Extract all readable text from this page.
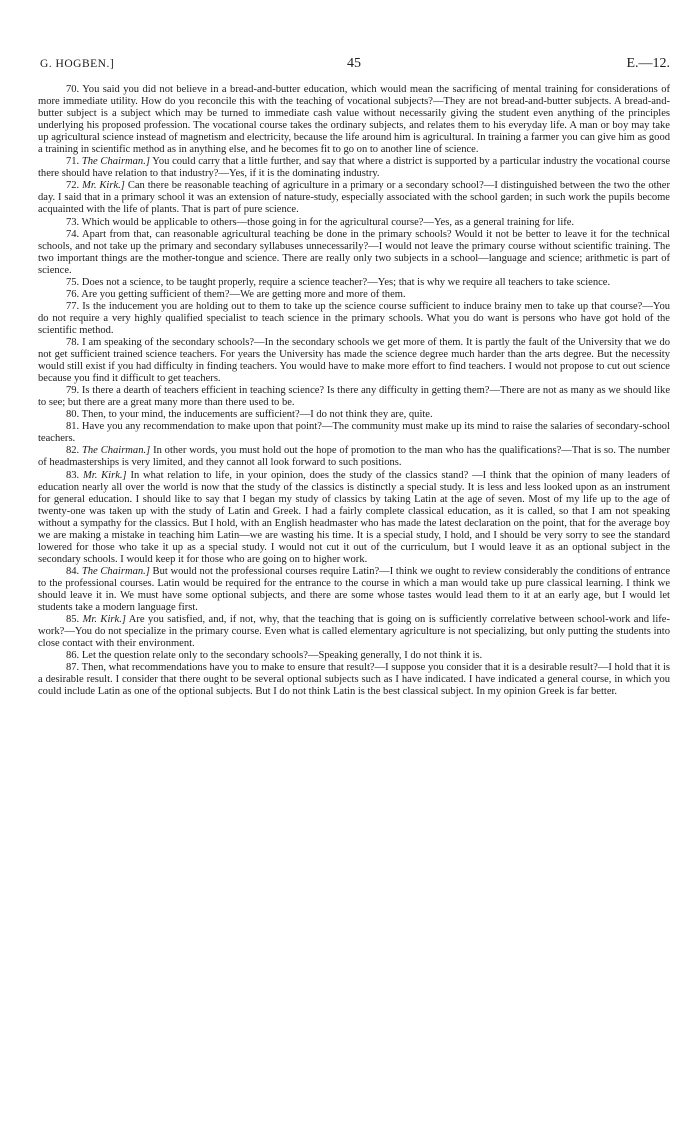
G. HOGBEN.]	45	E.—12.

70. You said you did not believe in a bread-and-butter education, which would mean the sacrificing of mental training for considerations of more immediate utility. How do you reconcile this with the teaching of vocational subjects?—They are not bread-and-butter subjects. A bread-and-butter subject is a subject which may be turned to immediate cash value without necessarily giving the student even anything of the principles underlying his proposed profession. The vocational course takes the ordinary subjects, and relates them to his everyday life. A man or boy may take up agricultural science instead of magnetism and electricity, because the life around him is agricultural. In training a farmer you can give him as good a training in scientific method as in anything else, and he becomes fit to go on to another line of science.

71. The Chairman.] You could carry that a little further, and say that where a district is supported by a particular industry the vocational course there should have relation to that industry?—Yes, if it is the dominating industry.

72. Mr. Kirk.] Can there be reasonable teaching of agriculture in a primary or a secondary school?—I distinguished between the two the other day. I said that in a primary school it was an extension of nature-study, especially associated with the school garden; in such work the pupils become acquainted with the life of plants. That is part of pure science.

73. Which would be applicable to others—those going in for the agricultural course?—Yes, as a general training for life.

74. Apart from that, can reasonable agricultural teaching be done in the primary schools? Would it not be better to leave it for the technical schools, and not take up the primary and secondary syllabuses unnecessarily?—I would not leave the primary course without scientific training. The two important things are the mother-tongue and science. There are really only two subjects in a school—language and science; arithmetic is part of science.

75. Does not a science, to be taught properly, require a science teacher?—Yes; that is why we require all teachers to take science.

76. Are you getting sufficient of them?—We are getting more and more of them.

77. Is the inducement you are holding out to them to take up the science course sufficient to induce brainy men to take up that course?—You do not require a very highly qualified specialist to teach science in the primary schools. What you do want is persons who have got hold of the scientific method.

78. I am speaking of the secondary schools?—In the secondary schools we get more of them. It is partly the fault of the University that we do not get sufficient trained science teachers. For years the University has made the science degree much harder than the arts degree. But the necessity would still exist if you had difficulty in finding teachers. You would have to make more effort to find teachers. I would not propose to cut out science because you find it difficult to get teachers.

79. Is there a dearth of teachers efficient in teaching science? Is there any difficulty in getting them?—There are not as many as we should like to see; but there are a great many more than there used to be.

80. Then, to your mind, the inducements are sufficient?—I do not think they are, quite.

81. Have you any recommendation to make upon that point?—The community must make up its mind to raise the salaries of secondary-school teachers.

82. The Chairman.] In other words, you must hold out the hope of promotion to the man who has the qualifications?—That is so. The number of headmasterships is very limited, and they cannot all look forward to such positions.

83. Mr. Kirk.] In what relation to life, in your opinion, does the study of the classics stand? —I think that the opinion of many leaders of education nearly all over the world is now that the study of the classics is distinctly a special study. It is less and less looked upon as an instrument for general education. I should like to say that I began my study of classics by taking Latin at the age of seven. Most of my life up to the age of twenty-one was taken up with the study of Latin and Greek. I had a fairly complete classical education, as it is called, so that I am not speaking without a sympathy for the classics. But I hold, with an English headmaster who has made the latest declaration on the point, that for the average boy we are making a mistake in teaching him Latin—we are wasting his time. It is a special study, I hold, and I should be very sorry to see the standard lowered for those who take it up as a special study. I would not cut it out of the curriculum, but I would leave it as an optional subject in the secondary schools. I would keep it for those who are going on to higher work.

84. The Chairman.] But would not the professional courses require Latin?—I think we ought to review considerably the conditions of entrance to the professional courses. Latin would be required for the entrance to the course in which a man would take up pure classical learning. I think we should leave it in. We must have some optional subjects, and there are some whose tastes would lead them to it at an early age, but I would let students take a modern language first.

85. Mr. Kirk.] Are you satisfied, and, if not, why, that the teaching that is going on is sufficiently correlative between school-work and life-work?—You do not specialize in the primary course. Even what is called elementary agriculture is not specializing, but only putting the students into close contact with their environment.

86. Let the question relate only to the secondary schools?—Speaking generally, I do not think it is.

87. Then, what recommendations have you to make to ensure that result?—I suppose you consider that it is a desirable result?—I hold that it is a desirable result. I consider that there ought to be several optional subjects such as I have indicated. I have indicated a general course, in which you could include Latin as one of the optional subjects. But I do not think Latin is the best classical subject. In my opinion Greek is far better.
